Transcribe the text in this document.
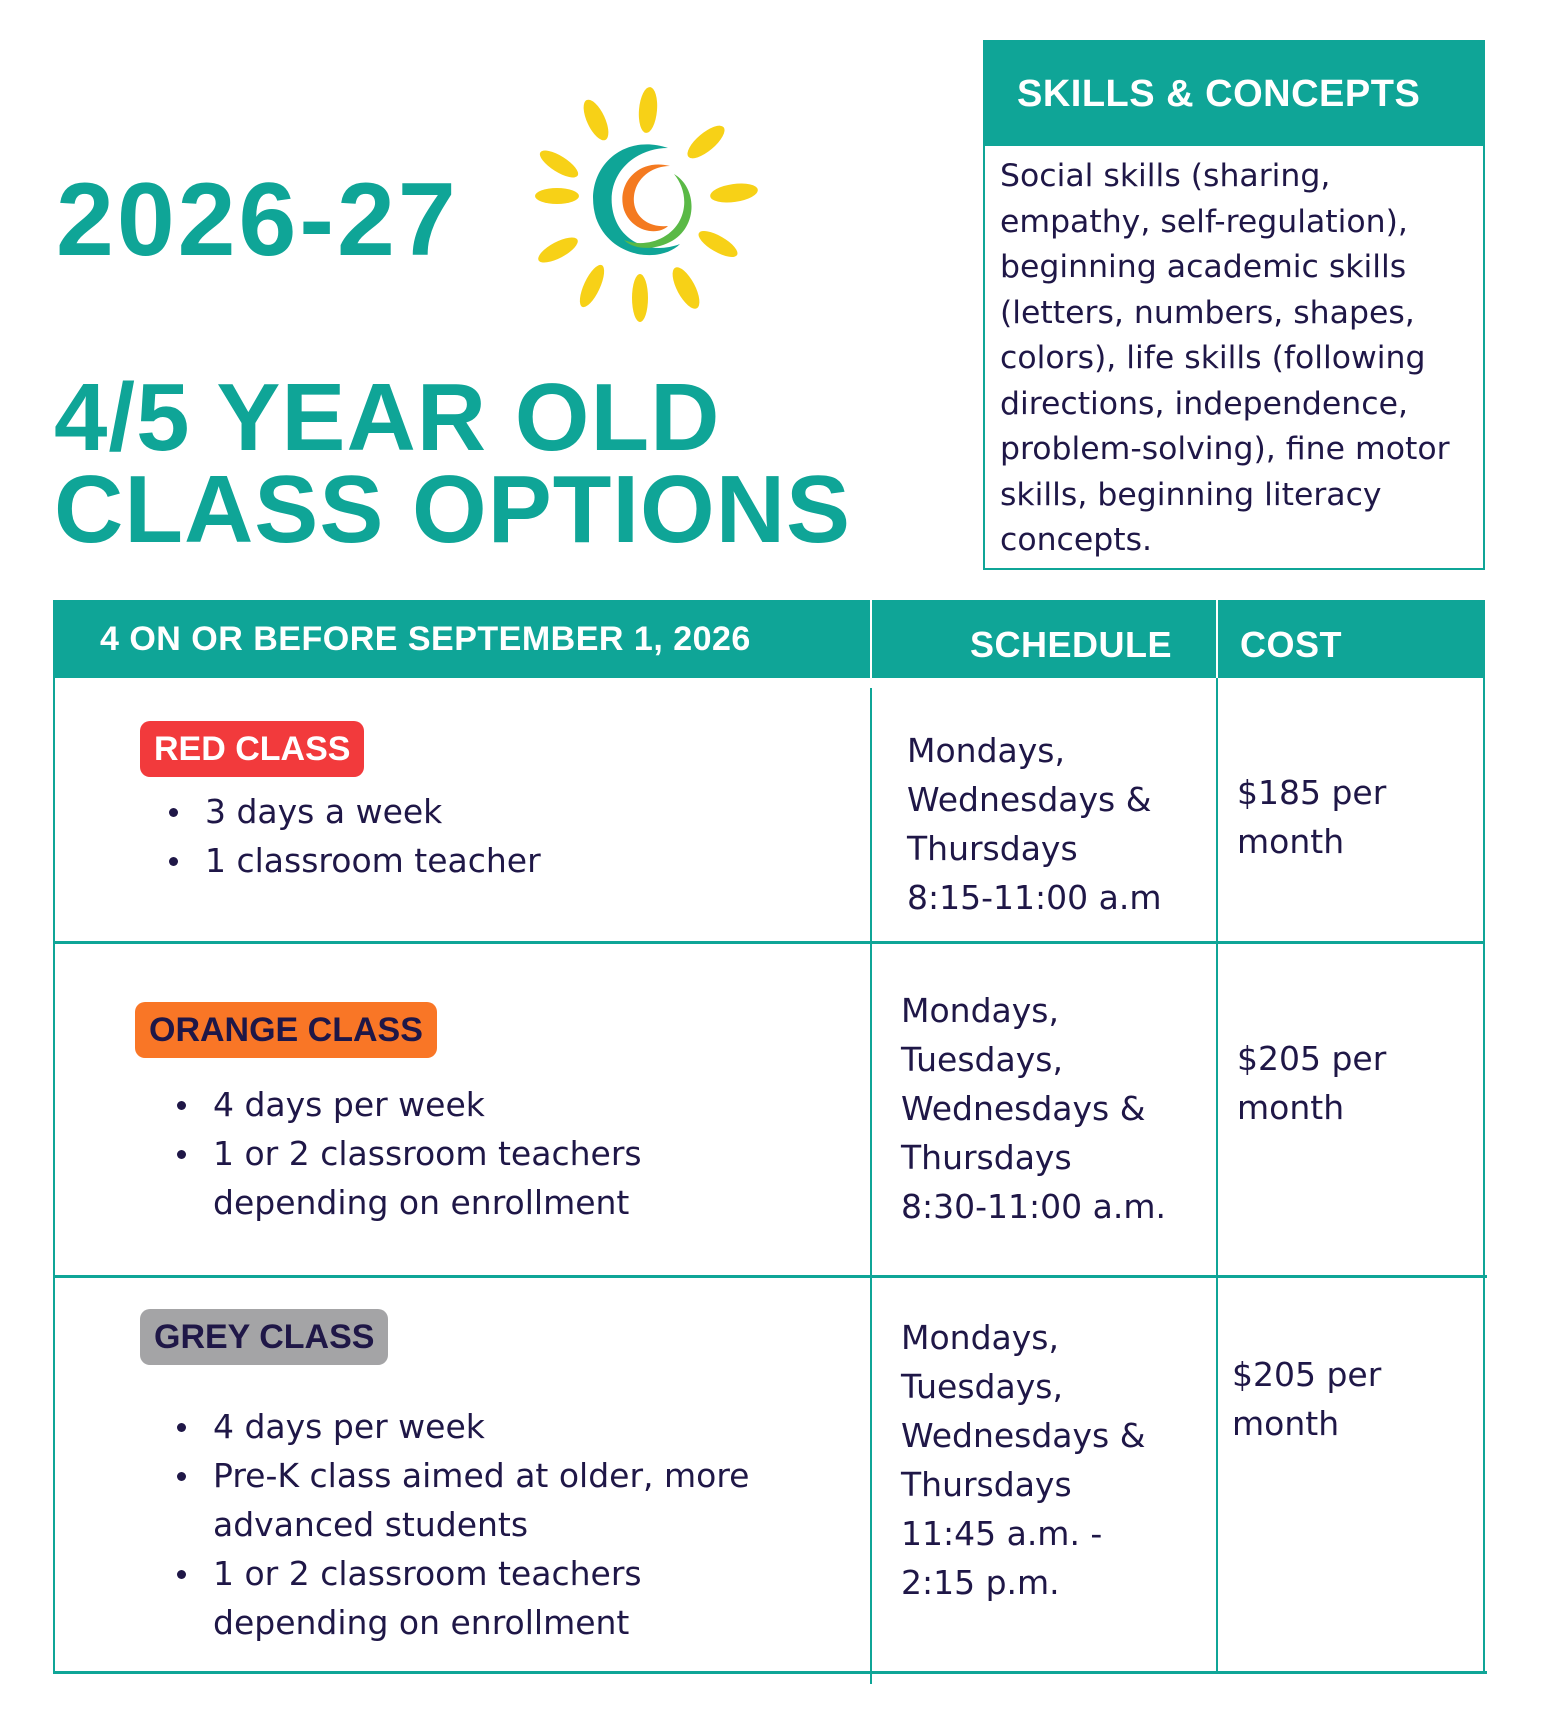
2026-27
4/5 YEAR OLD
CLASS OPTIONS
SKILLS & CONCEPTS
Social skills (sharing, empathy, self-regulation), beginning academic skills (letters, numbers, shapes, colors), life skills (following directions, independence, problem-solving), fine motor skills, beginning literacy concepts.
4 ON OR BEFORE SEPTEMBER 1, 2026	SCHEDULE COST
RED CLASS
3 days a week
1 classroom teacher
Mondays,
Wednesdays &
Thursdays
8:15-11:00 a.m
$185 per
month
ORANGE CLASS
4 days per week
1 or 2 classroom teachers depending on enrollment
Mondays,
Tuesdays,
Wednesdays &
Thursdays
8:30-11:00 a.m.
$205 per
month
GREY CLASS
4 days per week
Pre-K class aimed at older, more advanced students
1 or 2 classroom teachers depending on enrollment
Mondays,
Tuesdays,
Wednesdays &
Thursdays
11:45 a.m. -
2:15 p.m.
$205 per
month
